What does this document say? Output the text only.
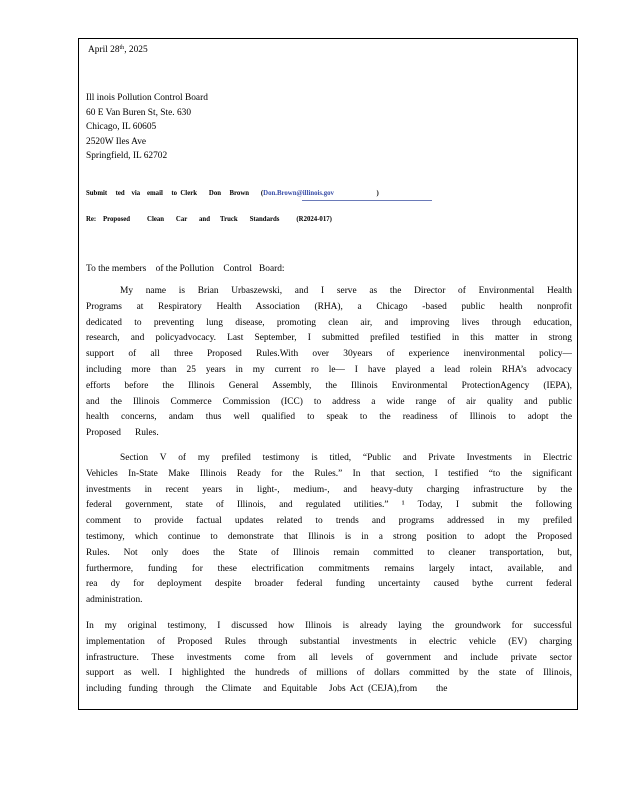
April 28th, 2025
Ill inois Pollution Control Board
60 E Van Buren St, Ste. 630
Chicago, IL 60605
2520W Iles Ave
Springfield, IL 62702
Submit     ted    via    email     to  Clerk       Don     Brown       (Don.Brown@illinois.gov	)
Re:    Proposed          Clean       Car       and      Truck       Standards          (R2024-017)
To the members    of the Pollution    Control   Board:
My name is Brian Urbaszewski, and I serve as the Director of Environmental Health
Programs at Respiratory Health Association (RHA), a Chicago -based public health nonprofit
dedicated to preventing lung disease, promoting clean air, and improving lives through education,
research, and policyadvocacy. Last September, I submitted prefiled testified in this matter in strong
support of all three Proposed Rules.With over 30years of experience inenvironmental policy—
including more than 25 years in my current ro le— I have played a lead rolein RHA’s advocacy
efforts before the Illinois General Assembly, the Illinois Environmental ProtectionAgency (IEPA),
and the Illinois Commerce Commission (ICC) to address a wide range of air quality and public
health concerns, andam thus well qualified to speak to the readiness of Illinois to adopt the
Proposed      Rules.
Section V of my prefiled testimony is titled, “Public and Private Investments in Electric
Vehicles In-State Make Illinois Ready for the Rules.” In that section, I testified “to the significant
investments in recent years in light-, medium-, and heavy-duty charging infrastructure by the
federal government, state of Illinois, and regulated utilities.” ¹ Today, I submit the following
comment to provide factual updates related to trends and programs addressed in my prefiled
testimony, which continue to demonstrate that Illinois is in a strong position to adopt the Proposed
Rules. Not only does the State of Illinois remain committed to cleaner transportation, but,
furthermore, funding for these electrification commitments remains largely intact, available, and
rea dy for deployment despite broader federal funding uncertainty caused bythe current federal
administration.
In my original testimony, I discussed how Illinois is already laying the groundwork for successful
implementation of Proposed Rules through substantial investments in electric vehicle (EV) charging
infrastructure. These investments come from all levels of government and include private sector
support as well. I highlighted the hundreds of millions of dollars committed by the state of Illinois,
including   funding   through     the  Climate     and  Equitable     Jobs  Act  (CEJA),from        the
